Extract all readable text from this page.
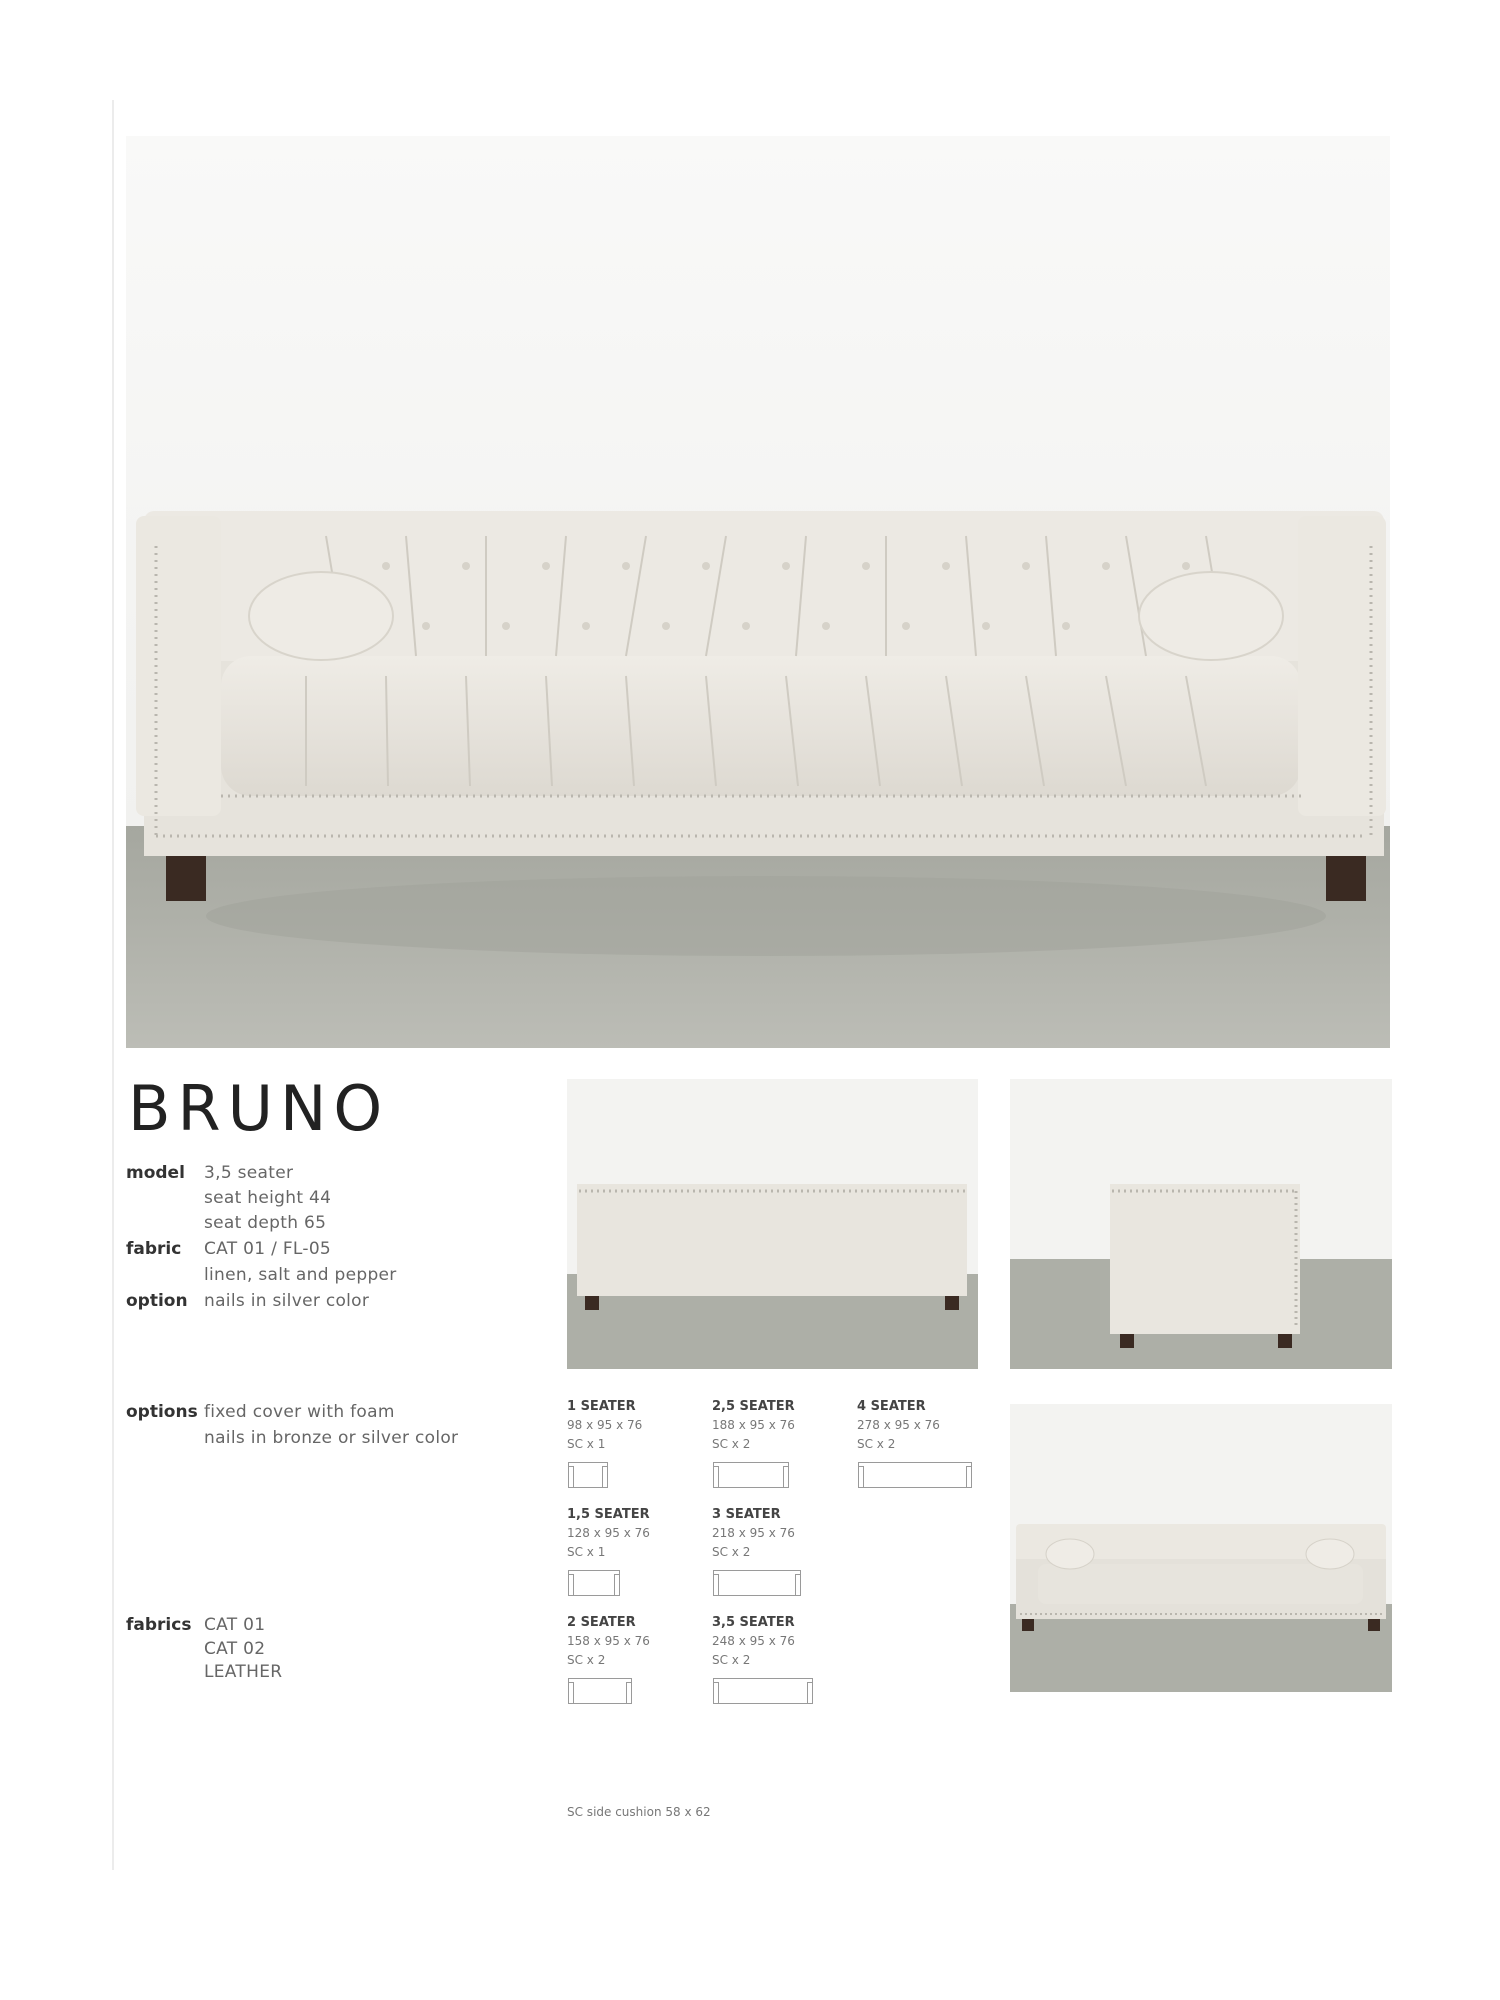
BRUNO
model 3,5 seater
seat height 44
seat depth 65
fabric CAT 01 / FL-05
linen, salt and pepper
option nails in silver color
options fixed cover with foam
nails in bronze or silver color
fabrics CAT 01
CAT 02
LEATHER
1 SEATER
98 x 95 x 76
SC x 1
2,5 SEATER
188 x 95 x 76
SC x 2
4 SEATER
278 x 95 x 76
SC x 2
1,5 SEATER
128 x 95 x 76
SC x 1
3 SEATER
218 x 95 x 76
SC x 2
2 SEATER
158 x 95 x 76
SC x 2
3,5 SEATER
248 x 95 x 76
SC x 2
SC side cushion 58 x 62
